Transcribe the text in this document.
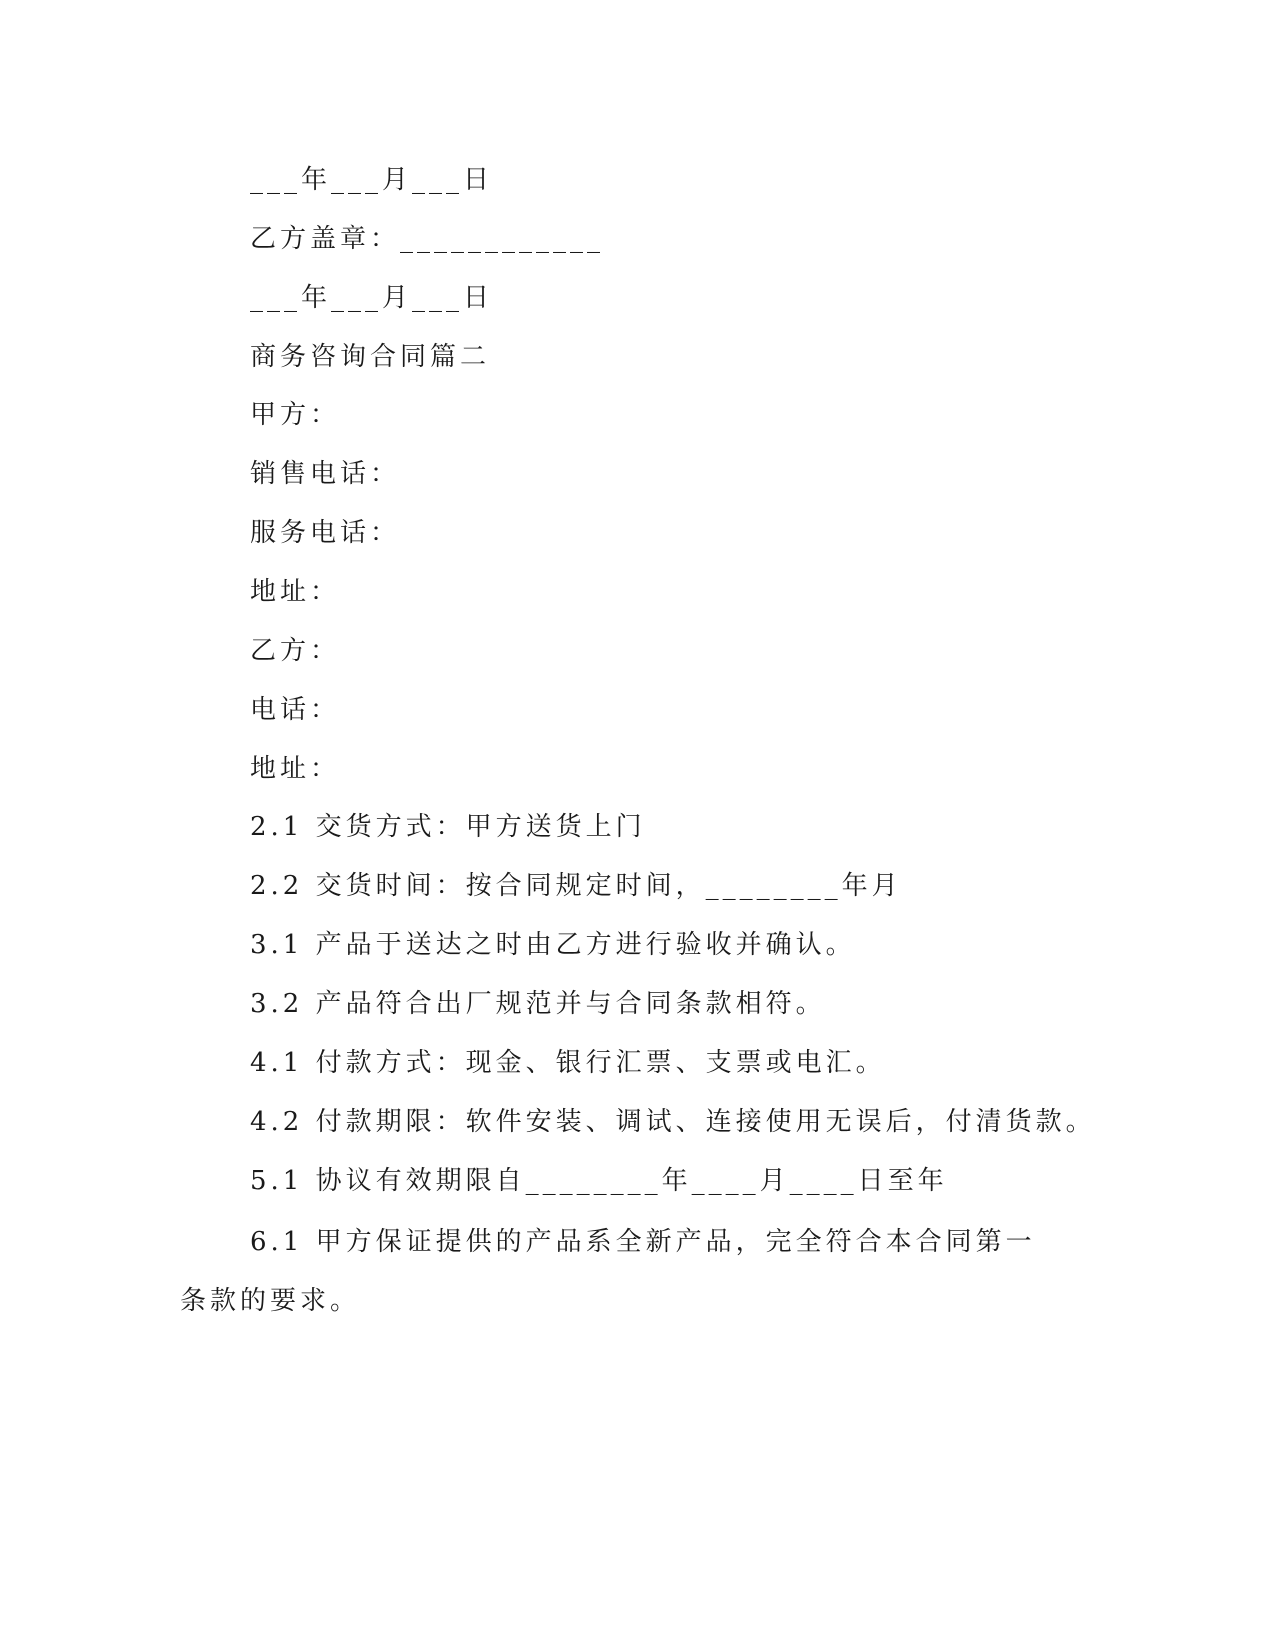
___年___月___日
乙方盖章：____________
___年___月___日
商务咨询合同篇二
甲方：
销售电话：
服务电话：
地址：
乙方：
电话：
地址：
2.1 交货方式：甲方送货上门
2.2 交货时间：按合同规定时间，________年月
3.1 产品于送达之时由乙方进行验收并确认。
3.2 产品符合出厂规范并与合同条款相符。
4.1 付款方式：现金、银行汇票、支票或电汇。
4.2 付款期限：软件安装、调试、连接使用无误后，付清货款。
5.1 协议有效期限自________年____月____日至年
6.1 甲方保证提供的产品系全新产品，完全符合本合同第一条款的要求。
